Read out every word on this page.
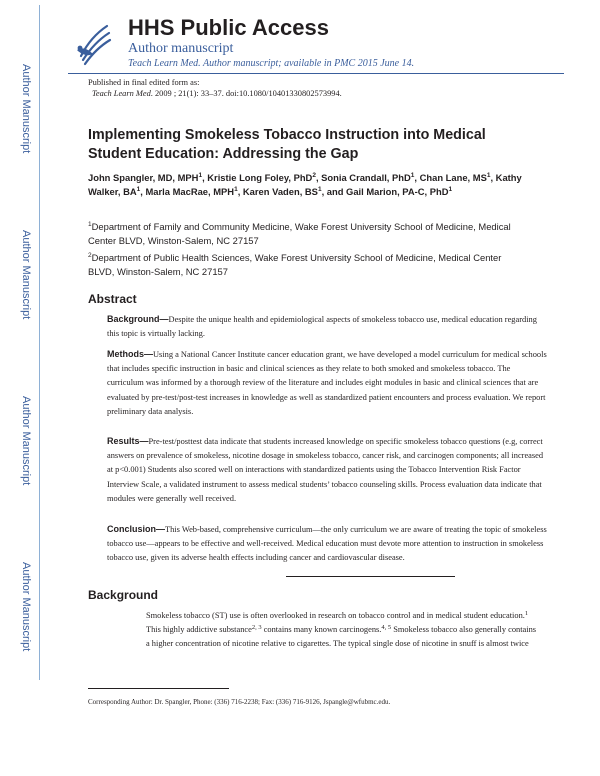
HHS Public Access
Author manuscript
Teach Learn Med. Author manuscript; available in PMC 2015 June 14.
Published in final edited form as:
Teach Learn Med. 2009 ; 21(1): 33–37. doi:10.1080/10401330802573994.
Author Manuscript
Author Manuscript
Author Manuscript
Author Manuscript
Implementing Smokeless Tobacco Instruction into Medical Student Education: Addressing the Gap
John Spangler, MD, MPH$^1$, Kristie Long Foley, PhD$^2$, Sonia Crandall, PhD$^1$, Chan Lane, $MS^1$, Kathy Walker, $BA^1$, Marla MacRae, MPH$^1$, Karen Vaden, $BS^1$, and Gail Marion, PA-C, PhD$^1$
$^1$Department of Family and Community Medicine, Wake Forest University School of Medicine, Medical Center BLVD, Winston-Salem, NC 27157
$^2$Department of Public Health Sciences, Wake Forest University School of Medicine, Medical Center BLVD, Winston-Salem, NC 27157
Abstract
Background—Despite the unique health and epidemiological aspects of smokeless tobacco use, medical education regarding this topic is virtually lacking.
Methods—Using a National Cancer Institute cancer education grant, we have developed a model curriculum for medical schools that includes specific instruction in basic and clinical sciences as they relate to both smoked and smokeless tobacco. The curriculum was informed by a thorough review of the literature and includes eight modules in basic and clinical sciences that are evaluated by pre-test/post-test increases in knowledge as well as standardized patient encounters and process evaluation. We report preliminary data analysis.
Results—Pre-test/posttest data indicate that students increased knowledge on specific smokeless tobacco questions (e.g, correct answers on prevalence of smokeless, nicotine dosage in smokeless tobacco, cancer risk, and carcinogen components; all increased at p<0.001) Students also scored well on interactions with standardized patients using the Tobacco Intervention Risk Factor Interview Scale, a validated instrument to assess medical students’ tobacco counseling skills. Process evaluation data indicate that modules were generally well received.
Conclusion—This Web-based, comprehensive curriculum—the only curriculum we are aware of treating the topic of smokeless tobacco use—appears to be effective and well-received. Medical education must devote more attention to instruction in smokeless tobacco use, given its adverse health effects including cancer and cardiovascular disease.
Background
Smokeless tobacco (ST) use is often overlooked in research on tobacco control and in medical student education.$^1$ This highly addictive substance$^{2, 3}$ contains many known carcinogens.$^{4, 5}$ Smokeless tobacco also generally contains a higher concentration of nicotine relative to cigarettes. The typical single dose of nicotine in snuff is almost twice
Corresponding Author: Dr. Spangler, Phone: (336) 716-2238; Fax: (336) 716-9126, Jspangle@wfubmc.edu.
